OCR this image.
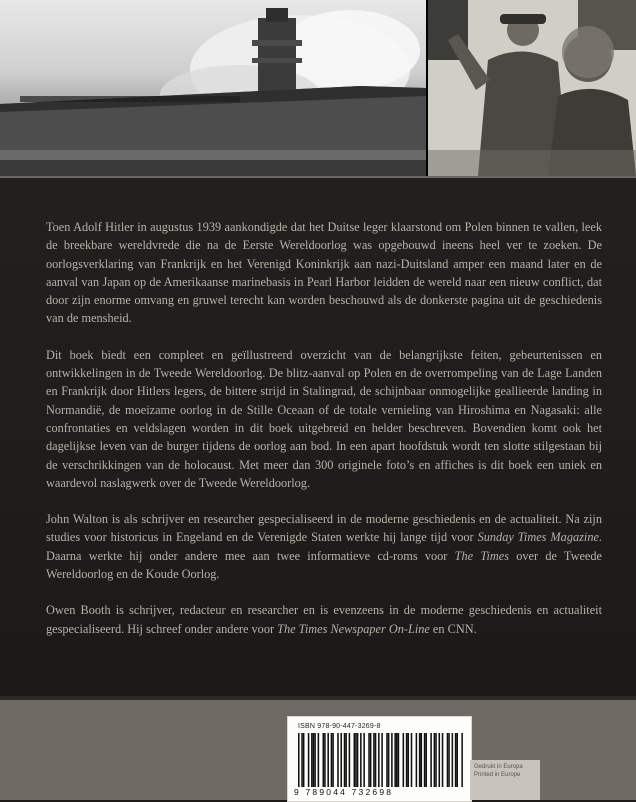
Toen Adolf Hitler in augustus 1939 aankondigde dat het Duitse leger klaarstond om Polen binnen te vallen, leek de breekbare wereldvrede die na de Eerste Wereldoorlog was opgebouwd ineens heel ver te zoeken. De oorlogsverklaring van Frankrijk en het Verenigd Koninkrijk aan nazi-Duitsland amper een maand later en de aanval van Japan op de Amerikaanse marinebasis in Pearl Harbor leidden de wereld naar een nieuw conflict, dat door zijn enorme omvang en gruwel terecht kan worden beschouwd als de donkerste pagina uit de geschiedenis van de mensheid.

Dit boek biedt een compleet en geïllustreerd overzicht van de belangrijkste feiten, gebeurtenissen en ontwikkelingen in de Tweede Wereldoorlog. De blitz-aanval op Polen en de overrompeling van de Lage Landen en Frankrijk door Hitlers legers, de bittere strijd in Stalingrad, de schijnbaar onmogelijke geallieerde landing in Normandië, de moeizame oorlog in de Stille Oceaan of de totale vernieling van Hiroshima en Nagasaki: alle confrontaties en veldslagen worden in dit boek uitgebreid en helder beschreven. Bovendien komt ook het dagelijkse leven van de burger tijdens de oorlog aan bod. In een apart hoofdstuk wordt ten slotte stilgestaan bij de verschrikkingen van de holocaust. Met meer dan 300 originele foto’s en affiches is dit boek een uniek en waardevol naslagwerk over de Tweede Wereldoorlog.

John Walton is als schrijver en researcher gespecialiseerd in de moderne geschiedenis en de actualiteit. Na zijn studies voor historicus in Engeland en de Verenigde Staten werkte hij lange tijd voor Sunday Times Magazine. Daarna werkte hij onder andere mee aan twee informatieve cd-roms voor The Times over de Tweede Wereldoorlog en de Koude Oorlog.

Owen Booth is schrijver, redacteur en researcher en is evenzeens in de moderne geschiedenis en actualiteit gespecialiseerd. Hij schreef onder andere voor The Times Newspaper On-Line en CNN.

ISBN 978-90-447-3269-8
9 789044 732698
Gedrukt in Europa
Printed in Europe
